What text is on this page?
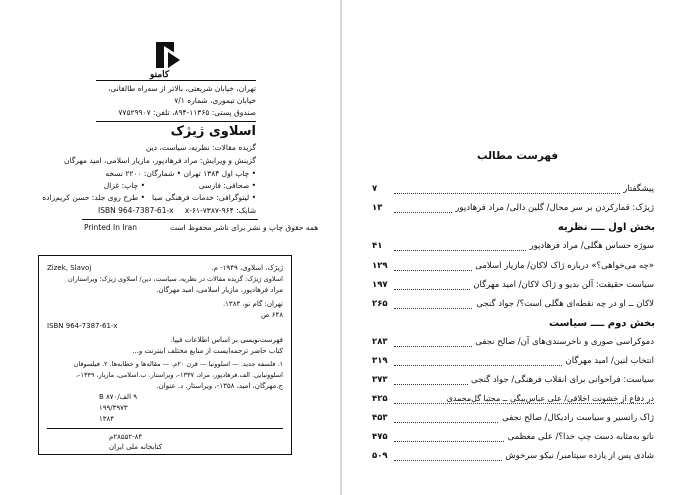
کامنو
تهران، خیابان شریعتی، بالاتر از سه‌راه طالقانی،
خیابان تیموری، شماره ۷/۱
صندوق پستی: ۱۱۳۶۵-۸۹۴، تلفن: ۷۷۵۲۹۹۰۷
اسلاوی ژیژک
گزیده مقالات: نظریه، سیاست، دین
گزینش و ویرایش: مراد فرهادپور، مازیار اسلامی، امید مهرگان
• چاپ اول ۱۳۸۴ تهران • شمارگان: ۲۲۰۰ نسخه
• چاپ: غزال
• طرح روی جلد: حسن کریم‌زاده
• صحافی: فارسی
• لیتوگرافی: خدمات فرهنگی صبا
شابک: ۹۶۴-۷۳۸۷-۶۱-x
ISBN 964-7387-61-x
همه حقوق چاپ و نشر برای ناشر محفوظ است
Printed In Iran
Zizek, Slavoj	ژیژک، اسلاوی، ۱۹۴۹- م.
اسلاوی ژیژک: گزیده مقالات در نظریه، سیاست، دین/ اسلاوی ژیژک؛ ویراستاران
مراد فرهادپور، مازیار اسلامی، امید مهرگان.
تهران: گام نو، ۱۳۸۴.
۶۴۸ ص
ISBN 964-7387-61-x
فهرست‌نویسی بر اساس اطلاعات فیپا.
کتاب حاضر ترجمه‌ایست از منابع مختلف اینترنت و...
۱. فلسفه جدید. — اسلوونیا — قرن ۲۰م. — مقاله‌ها و خطابه‌ها. ۲. فیلسوفان
اسلوونیایی. الف.فرهادپور، مراد، ۱۳۳۷-، ویراستار. ب.اسلامی، مازیار، ۱۳۴۹-،
ج.مهرگان، امید، ۱۳۵۸-، ویراستار. د. عنوان.
۹ الف/۸۷۰ B
۱۹۹/۴۹۷۳
۱۳۸۴
۲۸۵۵۲-۸۴م
کتابخانه ملی ایران
فهرست مطالب
پیشگفتار
۷
ژیژک: قمارکردن بر سر محال/ گلین دالی/ مراد فرهادپور
۱۳
بخش اول ــــ نظریه
سوژه حساس هگلی/ مراد فرهادپور
۴۱
«چه می‌خواهی؟» درباره ژاک لاکان/ مازیار اسلامی
۱۲۹
سیاست حقیقت: آلن بدیو و ژاک لاکان/ امید مهرگان
۱۹۷
لاکان ــ او در چه نقطه‌ای هگلی است؟/ جواد گنجی
۲۶۵
بخش دوم ــــ سیاست
دموکراسی صوری و ناخرسندی‌های آن/ صالح نجفی
۲۸۳
انتخاب لنین/ امید مهرگان
۳۱۹
سیاست: فراخوانی برای انقلاب فرهنگی/ جواد گنجی
۳۷۳
در دفاع از خشونت اخلاقی/ علی عباس‌بیگی ــ مجتبا گل‌محمدی
۴۲۵
ژاک رانسیر و سیاست رادیکال/ صالح نجفی
۴۵۳
ناتو به‌مثابه دست چپ خدا؟/ علی معظمی
۴۷۵
شادی پس از یازده سپتامبر/ نیکو سرخوش
۵۰۹
